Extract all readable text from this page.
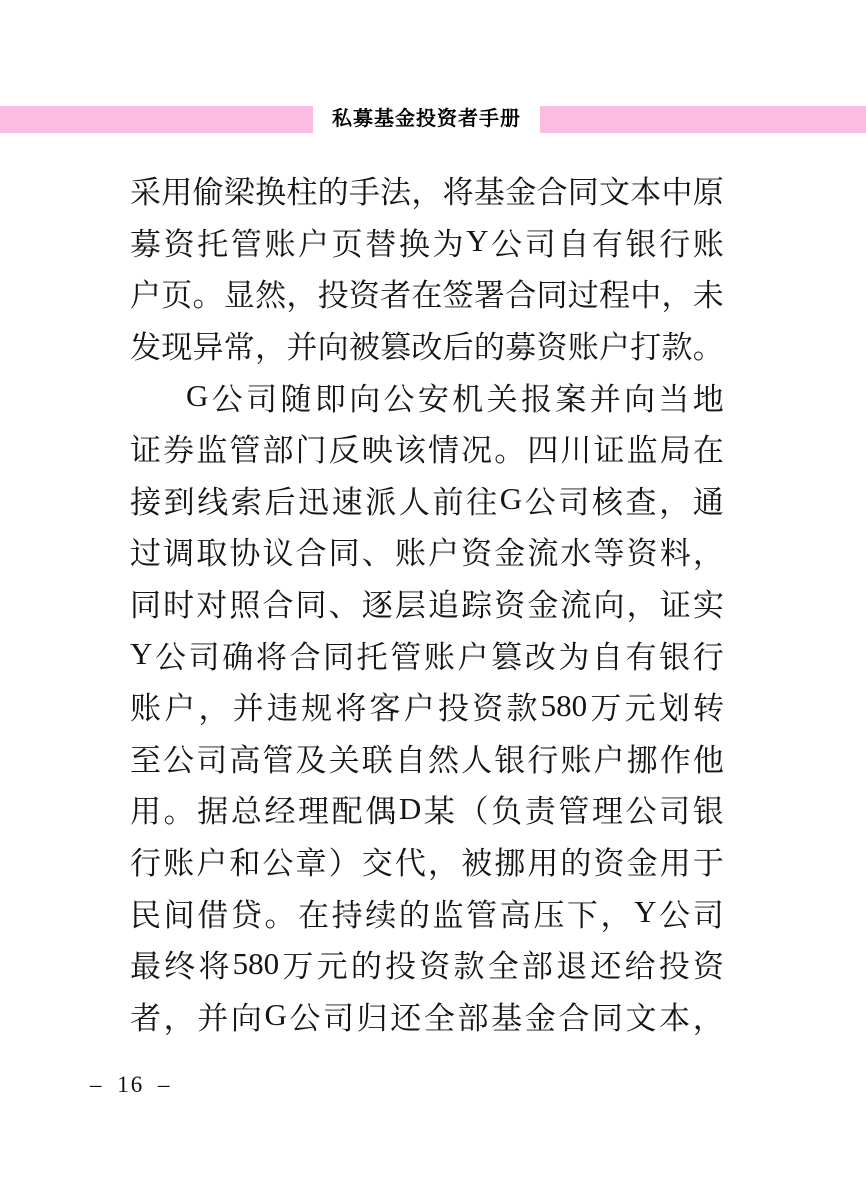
私募基金投资者手册
采 用 偷 梁 换 柱 的 手 法 ， 将 基 金 合 同 文 本 中 原
募 资 托 管 账 户 页 替 换 为 Y 公 司 自 有 银 行 账
户 页 。 显 然 ， 投 资 者 在 签 署 合 同 过 程 中 ， 未
发 现 异 常 ， 并 向 被 篡 改 后 的 募 资 账 户 打 款 。
G 公 司 随 即 向 公 安 机 关 报 案 并 向 当 地
证 券 监 管 部 门 反 映 该 情 况 。 四 川 证 监 局 在
接 到 线 索 后 迅 速 派 人 前 往 G 公 司 核 查 ， 通
过 调 取 协 议 合 同 、 账 户 资 金 流 水 等 资 料 ，
同 时 对 照 合 同 、 逐 层 追 踪 资 金 流 向 ， 证 实
Y 公 司 确 将 合 同 托 管 账 户 篡 改 为 自 有 银 行
账 户 ， 并 违 规 将 客 户 投 资 款 580 万 元 划 转
至 公 司 高 管 及 关 联 自 然 人 银 行 账 户 挪 作 他
用 。 据 总 经 理 配 偶 D 某 （ 负 责 管 理 公 司 银
行 账 户 和 公 章 ） 交 代 ， 被 挪 用 的 资 金 用 于
民 间 借 贷 。 在 持 续 的 监 管 高 压 下 ， Y 公 司
最 终 将 580 万 元 的 投 资 款 全 部 退 还 给 投 资
者 ， 并 向 G 公 司 归 还 全 部 基 金 合 同 文 本 ，
– 16 –
